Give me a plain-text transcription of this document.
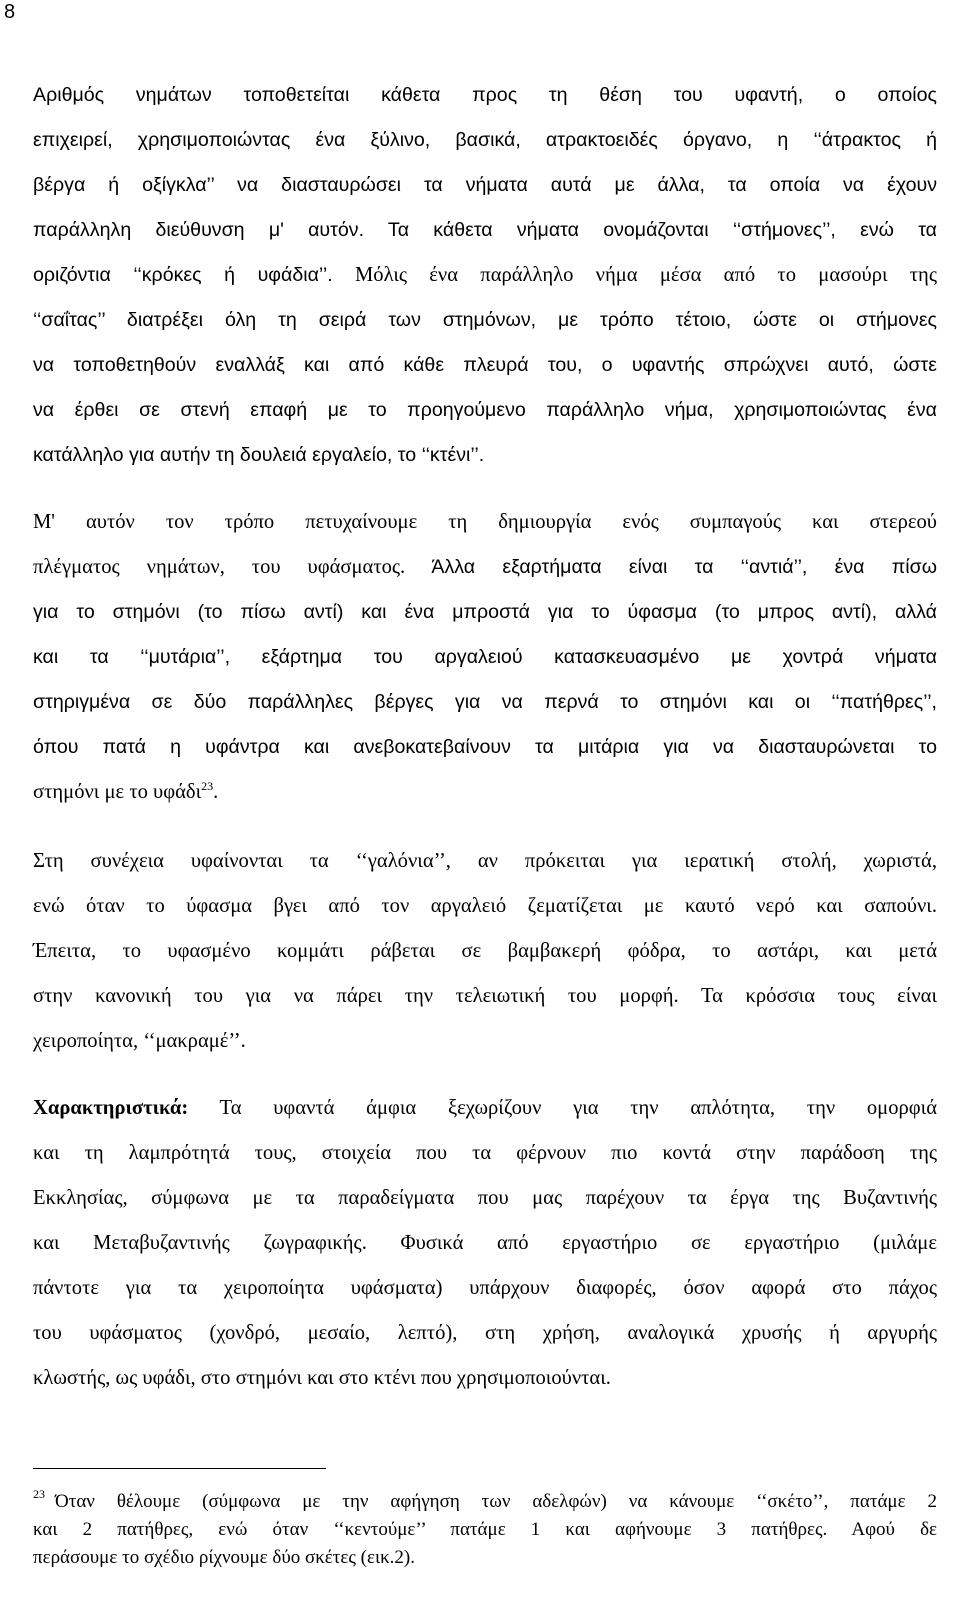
8
Αριθμός νημάτων τοποθετείται κάθετα προς τη θέση του υφαντή, ο οποίος
επιχειρεί, χρησιμοποιώντας ένα ξύλινο, βασικά, ατρακτοειδές όργανο, η ‘‘άτρακτος ή
βέργα ή οξίγκλα’’ να διασταυρώσει τα νήματα αυτά με άλλα, τα οποία να έχουν
παράλληλη διεύθυνση μ' αυτόν. Τα κάθετα νήματα ονομάζονται ‘‘στήμονες’’, ενώ τα
οριζόντια ‘‘κρόκες ή υφάδια’’. Μόλις ένα παράλληλο νήμα μέσα από το μασούρι της
‘‘σαΐτας’’ διατρέξει όλη τη σειρά των στημόνων, με τρόπο τέτοιο, ώστε οι στήμονες
να τοποθετηθούν εναλλάξ και από κάθε πλευρά του, ο υφαντής σπρώχνει αυτό, ώστε
να έρθει σε στενή επαφή με το προηγούμενο παράλληλο νήμα, χρησιμοποιώντας ένα
κατάλληλο για αυτήν τη δουλειά εργαλείο, το ‘‘κτένι’’.
Μ' αυτόν τον τρόπο πετυχαίνουμε τη δημιουργία ενός συμπαγούς και στερεού
πλέγματος νημάτων, του υφάσματος. Άλλα εξαρτήματα είναι τα ‘‘αντιά’’, ένα πίσω
για το στημόνι (το πίσω αντί) και ένα μπροστά για το ύφασμα (το μπρος αντί), αλλά
και τα ‘‘μυτάρια’’, εξάρτημα του αργαλειού κατασκευασμένο με χοντρά νήματα
στηριγμένα σε δύο παράλληλες βέργες για να περνά το στημόνι και οι ‘‘πατήθρες’’,
όπου πατά η υφάντρα και ανεβοκατεβαίνουν τα μιτάρια για να διασταυρώνεται το
στημόνι με το υφάδι$^{23}$.
Στη συνέχεια υφαίνονται τα ‘‘γαλόνια’’, αν πρόκειται για ιερατική στολή, χωριστά,
ενώ όταν το ύφασμα βγει από τον αργαλειό ζεματίζεται με καυτό νερό και σαπούνι.
Έπειτα, το υφασμένο κομμάτι ράβεται σε βαμβακερή φόδρα, το αστάρι, και μετά
στην κανονική του για να πάρει την τελειωτική του μορφή. Τα κρόσσια τους είναι
χειροποίητα, ‘‘μακραμέ’’.
Χαρακτηριστικά: Τα υφαντά άμφια ξεχωρίζουν για την απλότητα, την ομορφιά
και τη λαμπρότητά τους, στοιχεία που τα φέρνουν πιο κοντά στην παράδοση της
Εκκλησίας, σύμφωνα με τα παραδείγματα που μας παρέχουν τα έργα της Βυζαντινής
και Μεταβυζαντινής ζωγραφικής. Φυσικά από εργαστήριο σε εργαστήριο (μιλάμε
πάντοτε για τα χειροποίητα υφάσματα) υπάρχουν διαφορές, όσον αφορά στο πάχος
του υφάσματος (χονδρό, μεσαίο, λεπτό), στη χρήση, αναλογικά χρυσής ή αργυρής
κλωστής, ως υφάδι, στο στημόνι και στο κτένι που χρησιμοποιούνται.
$^{23}$ Όταν θέλουμε (σύμφωνα με την αφήγηση των αδελφών) να κάνουμε ‘‘σκέτο’’, πατάμε 2
και 2 πατήθρες, ενώ όταν ‘‘κεντούμε’’ πατάμε 1 και αφήνουμε 3 πατήθρες. Αφού δε
περάσουμε το σχέδιο ρίχνουμε δύο σκέτες (εικ.2).
